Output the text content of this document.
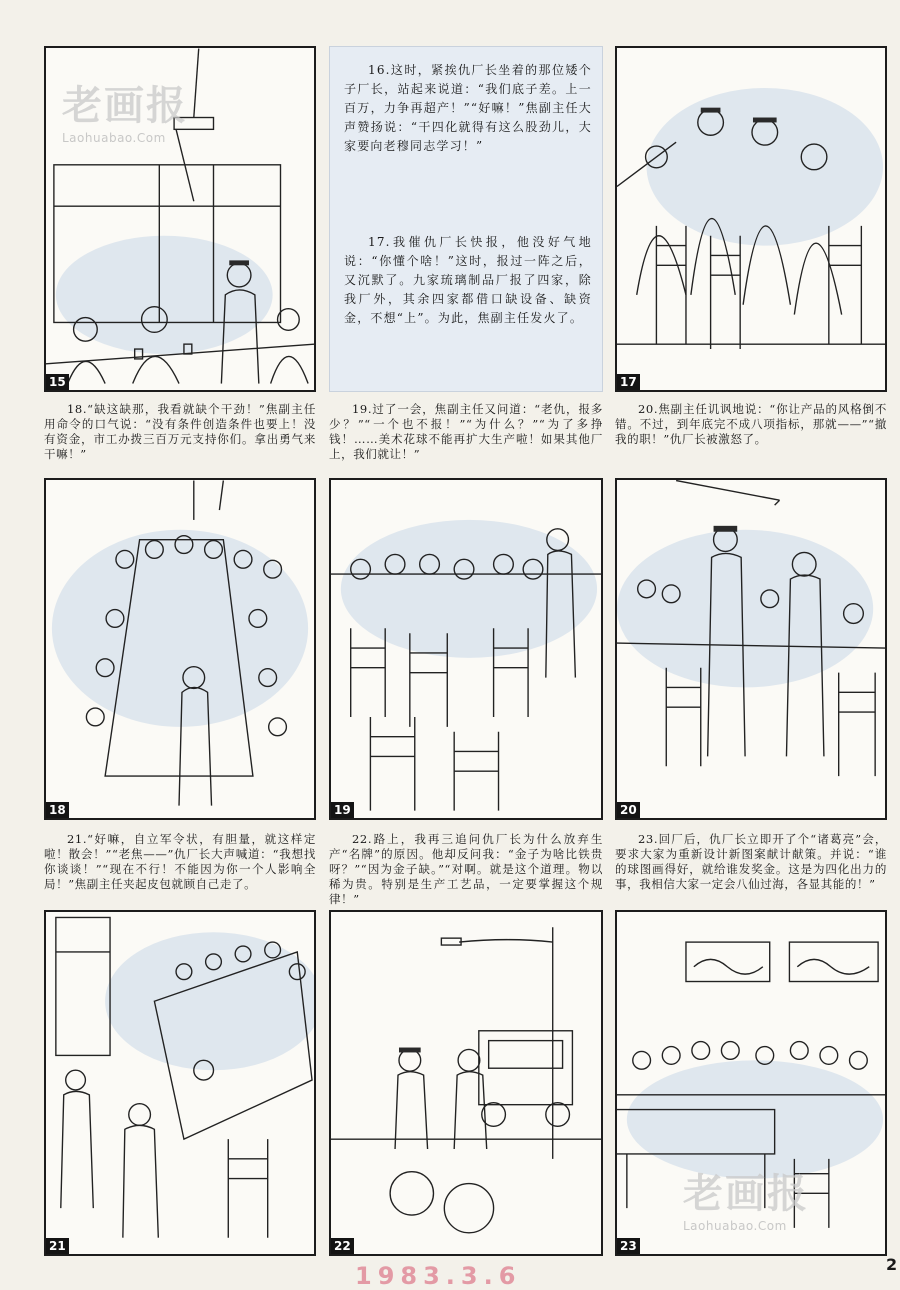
老画报
Laohuabao.Com
15

16.这时，紧挨仇厂长坐着的那位矮个子厂长，站起来说道：“我们底子差。上一百万，力争再超产！”“好嘛！”焦副主任大声赞扬说：“干四化就得有这么股劲儿，大家要向老穆同志学习！”

17.我催仇厂长快报，他没好气地说：“你懂个啥！”这时，报过一阵之后，又沉默了。九家琉璃制品厂报了四家，除我厂外，其余四家都借口缺设备、缺资金，不想“上”。为此，焦副主任发火了。

17

18.“缺这缺那，我看就缺个干劲！”焦副主任用命令的口气说：“没有条件创造条件也要上！没有资金，市工办拨三百万元支持你们。拿出勇气来干嘛！”

19.过了一会，焦副主任又问道：“老仇，报多少？”“一个也不报！”“为什么？”“为了多挣钱！……美术花球不能再扩大生产啦！如果其他厂上，我们就让！”

20.焦副主任讥讽地说：“你让产品的风格倒不错。不过，到年底完不成八项指标，那就——”“撤我的职！”仇厂长被激怒了。

18	19	20

21.“好嘛，自立军令状，有胆量，就这样定啦！散会！”“老焦——”仇厂长大声喊道：“我想找你谈谈！”“现在不行！不能因为你一个人影响全局！”焦副主任夹起皮包就顾自己走了。

22.路上，我再三追问仇厂长为什么放弃生产“名牌”的原因。他却反问我：“金子为啥比铁贵呀？”“因为金子缺。”“对啊。就是这个道理。物以稀为贵。特别是生产工艺品，一定要掌握这个规律！”

23.回厂后，仇厂长立即开了个“诸葛亮”会，要求大家为重新设计新图案献计献策。并说：“谁的球图画得好，就给谁发奖金。这是为四化出力的事，我相信大家一定会八仙过海，各显其能的！”

21	22
老画报
Laohuabao.Com
23
1983.3.6	2
